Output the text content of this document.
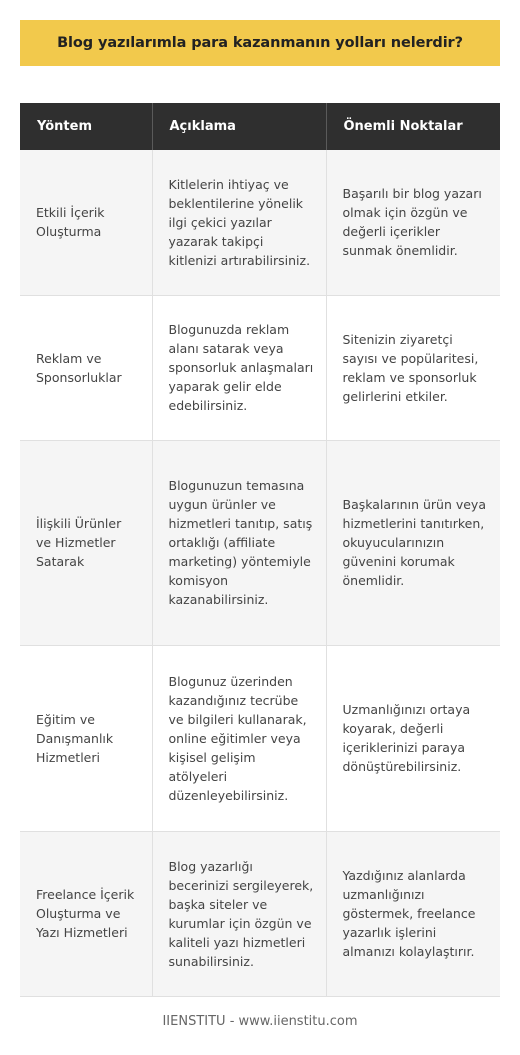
Blog yazılarımla para kazanmanın yolları nelerdir?
Yöntem	Açıklama	Önemli Noktalar
Etkili İçerik Oluşturma	Kitlelerin ihtiyaç ve beklentilerine yönelik ilgi çekici yazılar yazarak takipçi kitlenizi artırabilirsiniz.	Başarılı bir blog yazarı olmak için özgün ve değerli içerikler sunmak önemlidir.
Reklam ve Sponsorluklar	Blogunuzda reklam alanı satarak veya sponsorluk anlaşmaları yaparak gelir elde edebilirsiniz.	Sitenizin ziyaretçi sayısı ve popülaritesi, reklam ve sponsorluk gelirlerini etkiler.
İlişkili Ürünler ve Hizmetler Satarak	Blogunuzun temasına uygun ürünler ve hizmetleri tanıtıp, satış ortaklığı (affiliate marketing) yöntemiyle komisyon kazanabilirsiniz.	Başkalarının ürün veya hizmetlerini tanıtırken, okuyucularınızın güvenini korumak önemlidir.
Eğitim ve Danışmanlık Hizmetleri	Blogunuz üzerinden kazandığınız tecrübe ve bilgileri kullanarak, online eğitimler veya kişisel gelişim atölyeleri düzenleyebilirsiniz.	Uzmanlığınızı ortaya koyarak, değerli içeriklerinizi paraya dönüştürebilirsiniz.
Freelance İçerik Oluşturma ve Yazı Hizmetleri	Blog yazarlığı becerinizi sergileyerek, başka siteler ve kurumlar için özgün ve kaliteli yazı hizmetleri sunabilirsiniz.	Yazdığınız alanlarda uzmanlığınızı göstermek, freelance yazarlık işlerini almanızı kolaylaştırır.
IIENSTITU - www.iienstitu.com
